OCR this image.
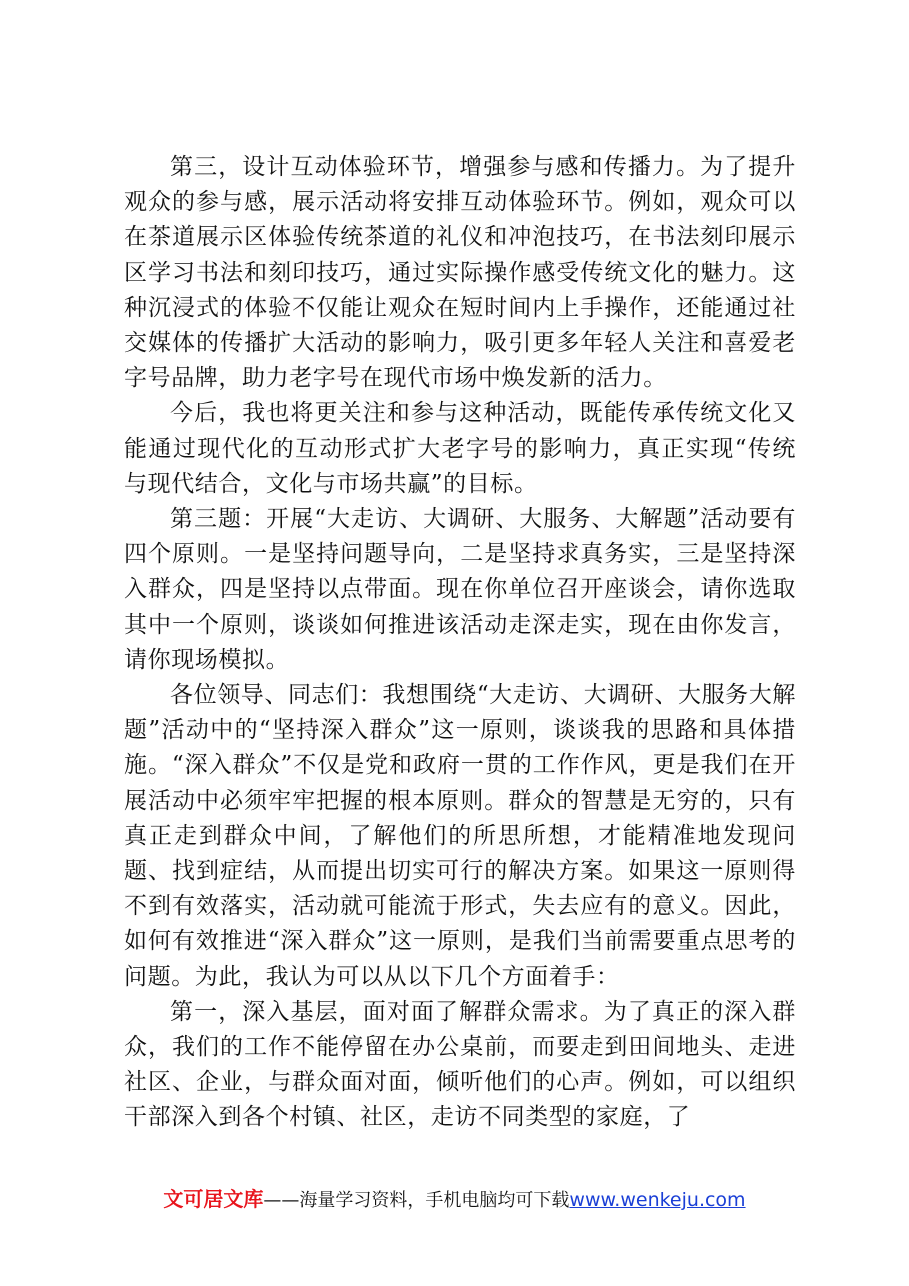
第三，设计互动体验环节，增强参与感和传播力。为了提升观众的参与感，展示活动将安排互动体验环节。例如，观众可以在茶道展示区体验传统茶道的礼仪和冲泡技巧，在书法刻印展示区学习书法和刻印技巧，通过实际操作感受传统文化的魅力。这种沉浸式的体验不仅能让观众在短时间内上手操作，还能通过社交媒体的传播扩大活动的影响力，吸引更多年轻人关注和喜爱老字号品牌，助力老字号在现代市场中焕发新的活力。

今后，我也将更关注和参与这种活动，既能传承传统文化又能通过现代化的互动形式扩大老字号的影响力，真正实现“传统与现代结合，文化与市场共赢”的目标。

第三题：开展“大走访、大调研、大服务、大解题”活动要有四个原则。一是坚持问题导向，二是坚持求真务实，三是坚持深入群众，四是坚持以点带面。现在你单位召开座谈会，请你选取其中一个原则，谈谈如何推进该活动走深走实，现在由你发言，请你现场模拟。

各位领导、同志们：我想围绕“大走访、大调研、大服务大解题”活动中的“坚持深入群众”这一原则，谈谈我的思路和具体措施。“深入群众”不仅是党和政府一贯的工作作风，更是我们在开展活动中必须牢牢把握的根本原则。群众的智慧是无穷的，只有真正走到群众中间，了解他们的所思所想，才能精准地发现问题、找到症结，从而提出切实可行的解决方案。如果这一原则得不到有效落实，活动就可能流于形式，失去应有的意义。因此，如何有效推进“深入群众”这一原则，是我们当前需要重点思考的问题。为此，我认为可以从以下几个方面着手：

第一，深入基层，面对面了解群众需求。为了真正的深入群众，我们的工作不能停留在办公桌前，而要走到田间地头、走进社区、企业，与群众面对面，倾听他们的心声。例如，可以组织干部深入到各个村镇、社区，走访不同类型的家庭，了

文可居文库——海量学习资料，手机电脑均可下载www.wenkeju.com
